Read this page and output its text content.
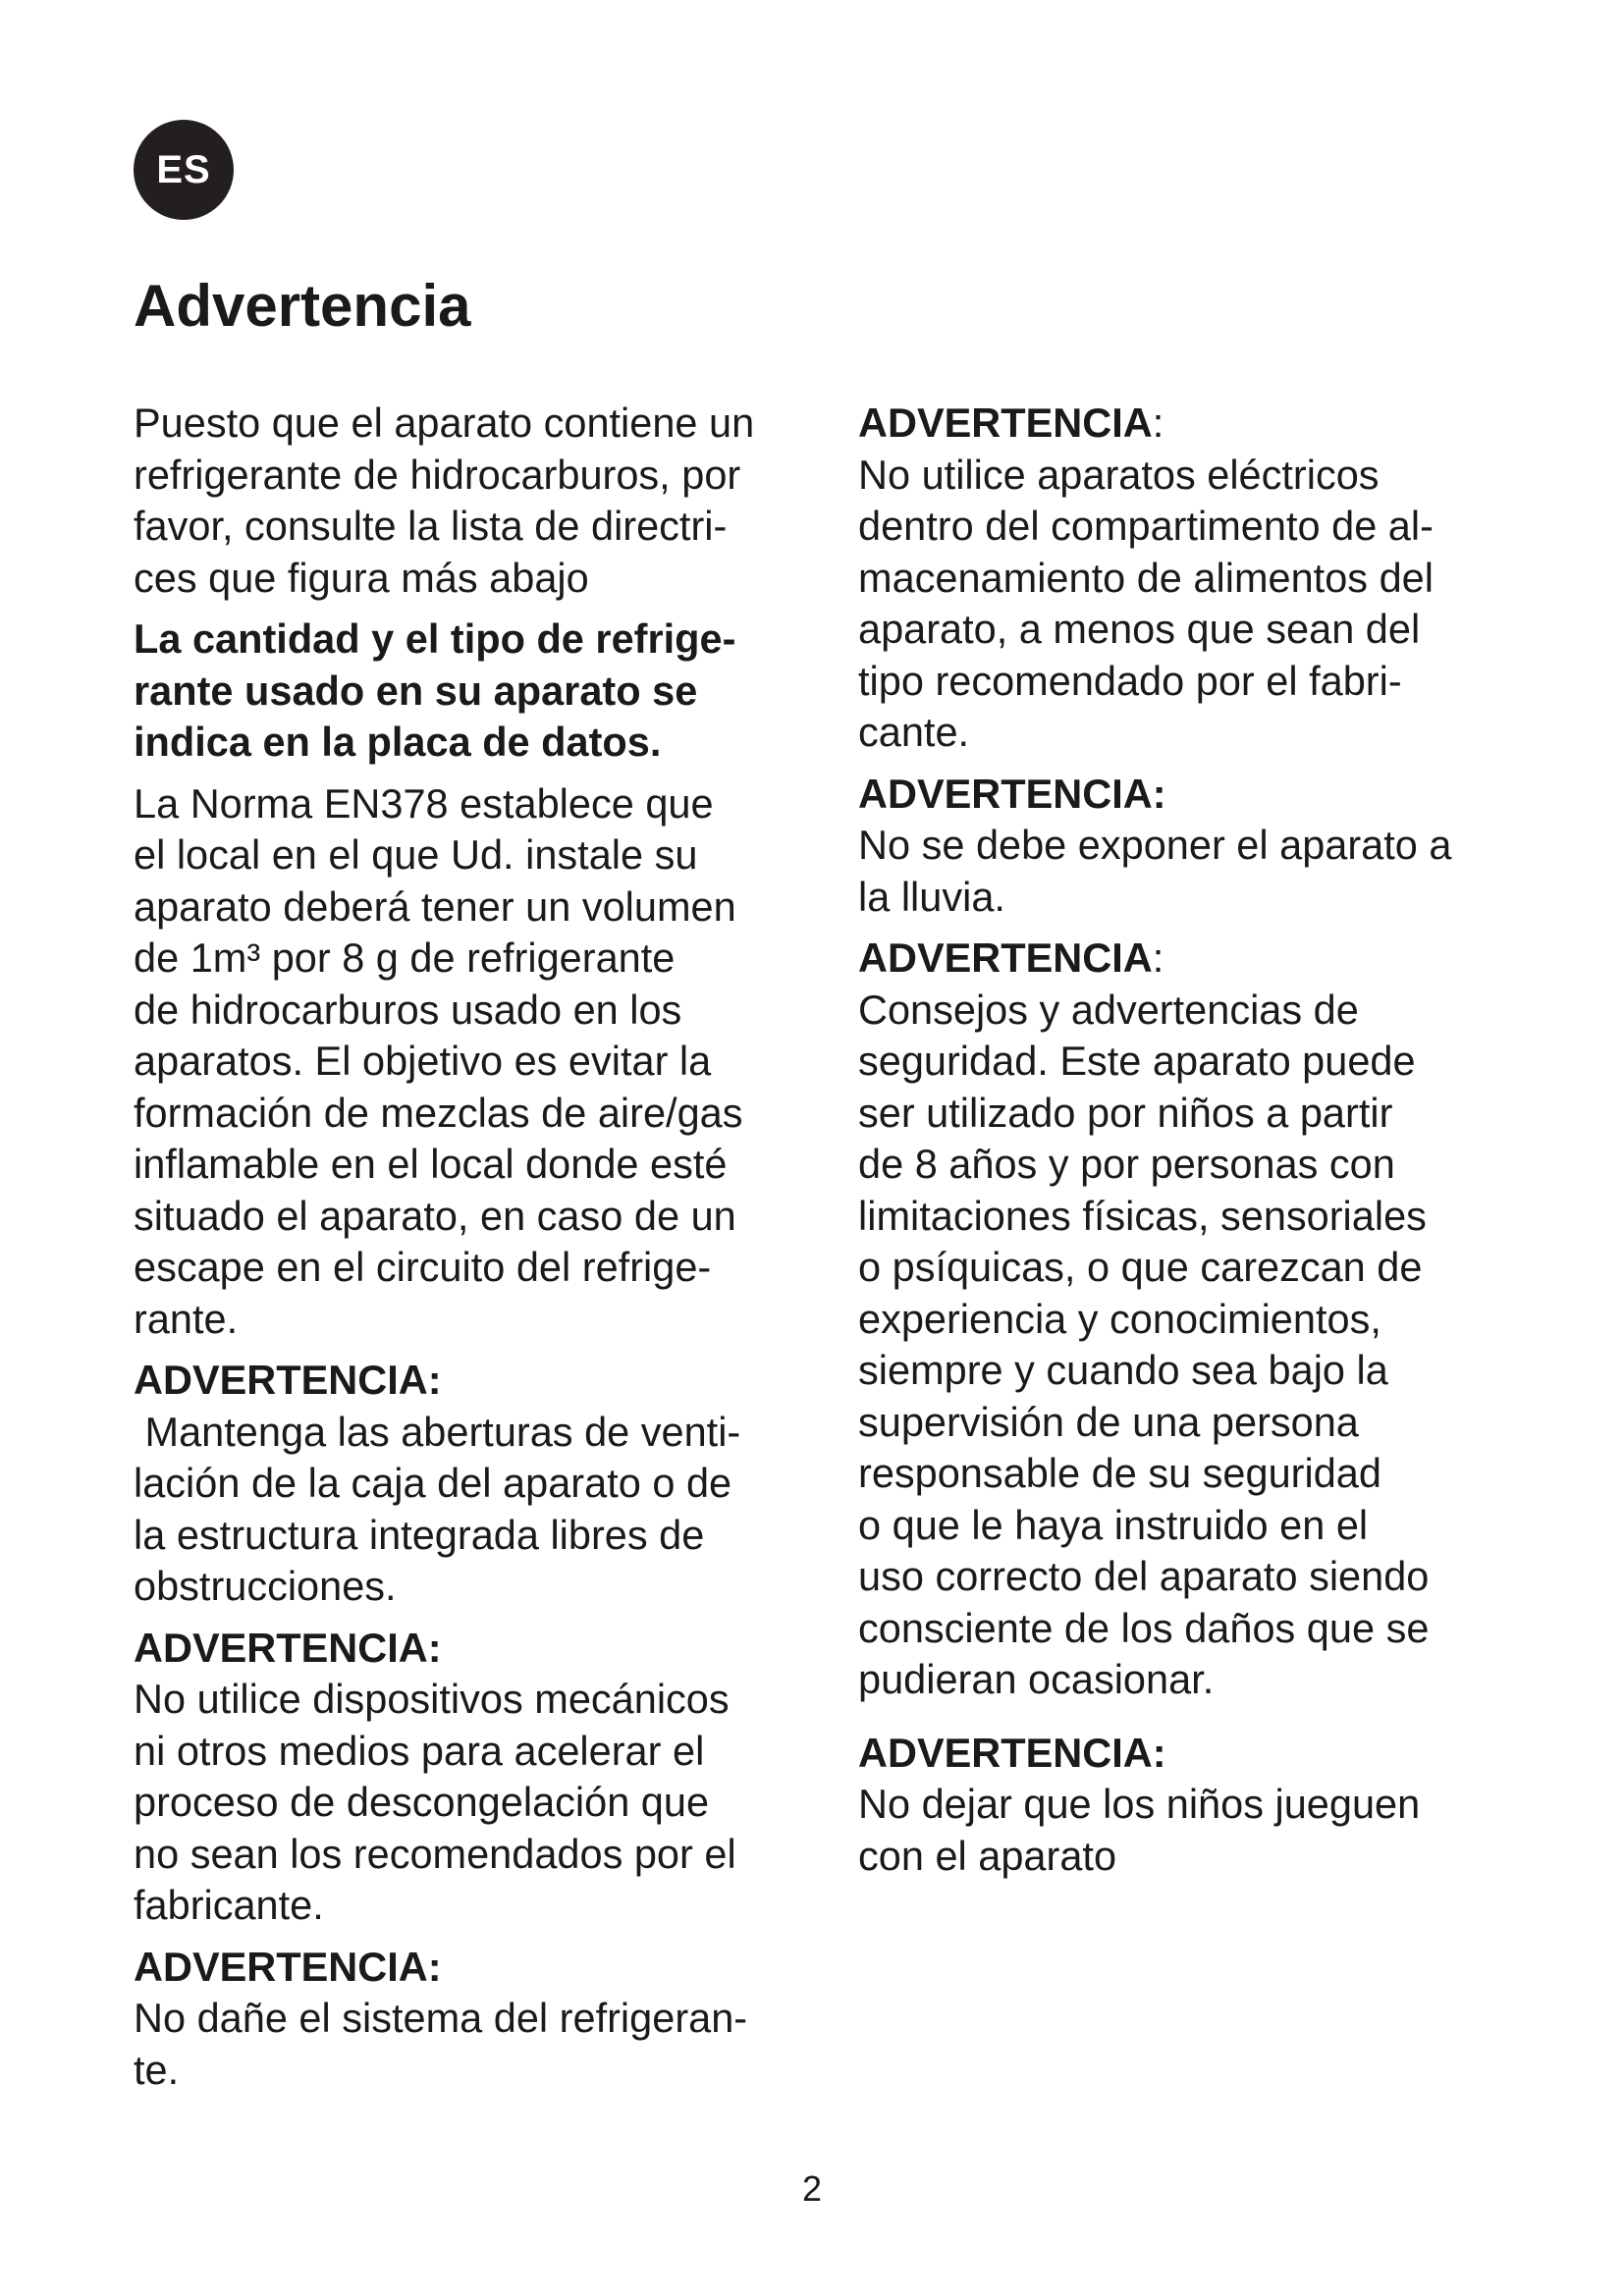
ES
Advertencia

Puesto que el aparato contiene un
refrigerante de hidrocarburos, por
favor, consulte la lista de directri-
ces que figura más abajo

La cantidad y el tipo de refrige-
rante usado en su aparato se
indica en la placa de datos.

La Norma EN378 establece que
el local en el que Ud. instale su
aparato deberá tener un volumen
de 1m³ por 8 g de refrigerante
de hidrocarburos usado en los
aparatos. El objetivo es evitar la
formación de mezclas de aire/gas
inflamable en el local donde esté
situado el aparato, en caso de un
escape en el circuito del refrige-
rante.

ADVERTENCIA:
Mantenga las aberturas de venti-
lación de la caja del aparato o de
la estructura integrada libres de
obstrucciones.
ADVERTENCIA:
No utilice dispositivos mecánicos
ni otros medios para acelerar el
proceso de descongelación que
no sean los recomendados por el
fabricante.
ADVERTENCIA:
No dañe el sistema del refrigeran-
te.
ADVERTENCIA:
No utilice aparatos eléctricos
dentro del compartimento de al-
macenamiento de alimentos del
aparato, a menos que sean del
tipo recomendado por el fabri-
cante.
ADVERTENCIA:
No se debe exponer el aparato a
la lluvia.
ADVERTENCIA:
Consejos y advertencias de
seguridad. Este aparato puede
ser utilizado por niños a partir
de 8 años y por personas con
limitaciones físicas, sensoriales
o psíquicas, o que carezcan de
experiencia y conocimientos,
siempre y cuando sea bajo la
supervisión de una persona
responsable de su seguridad
o que le haya instruido en el
uso correcto del aparato siendo
consciente de los daños que se
pudieran ocasionar.
ADVERTENCIA:
No dejar que los niños jueguen
con el aparato
2
